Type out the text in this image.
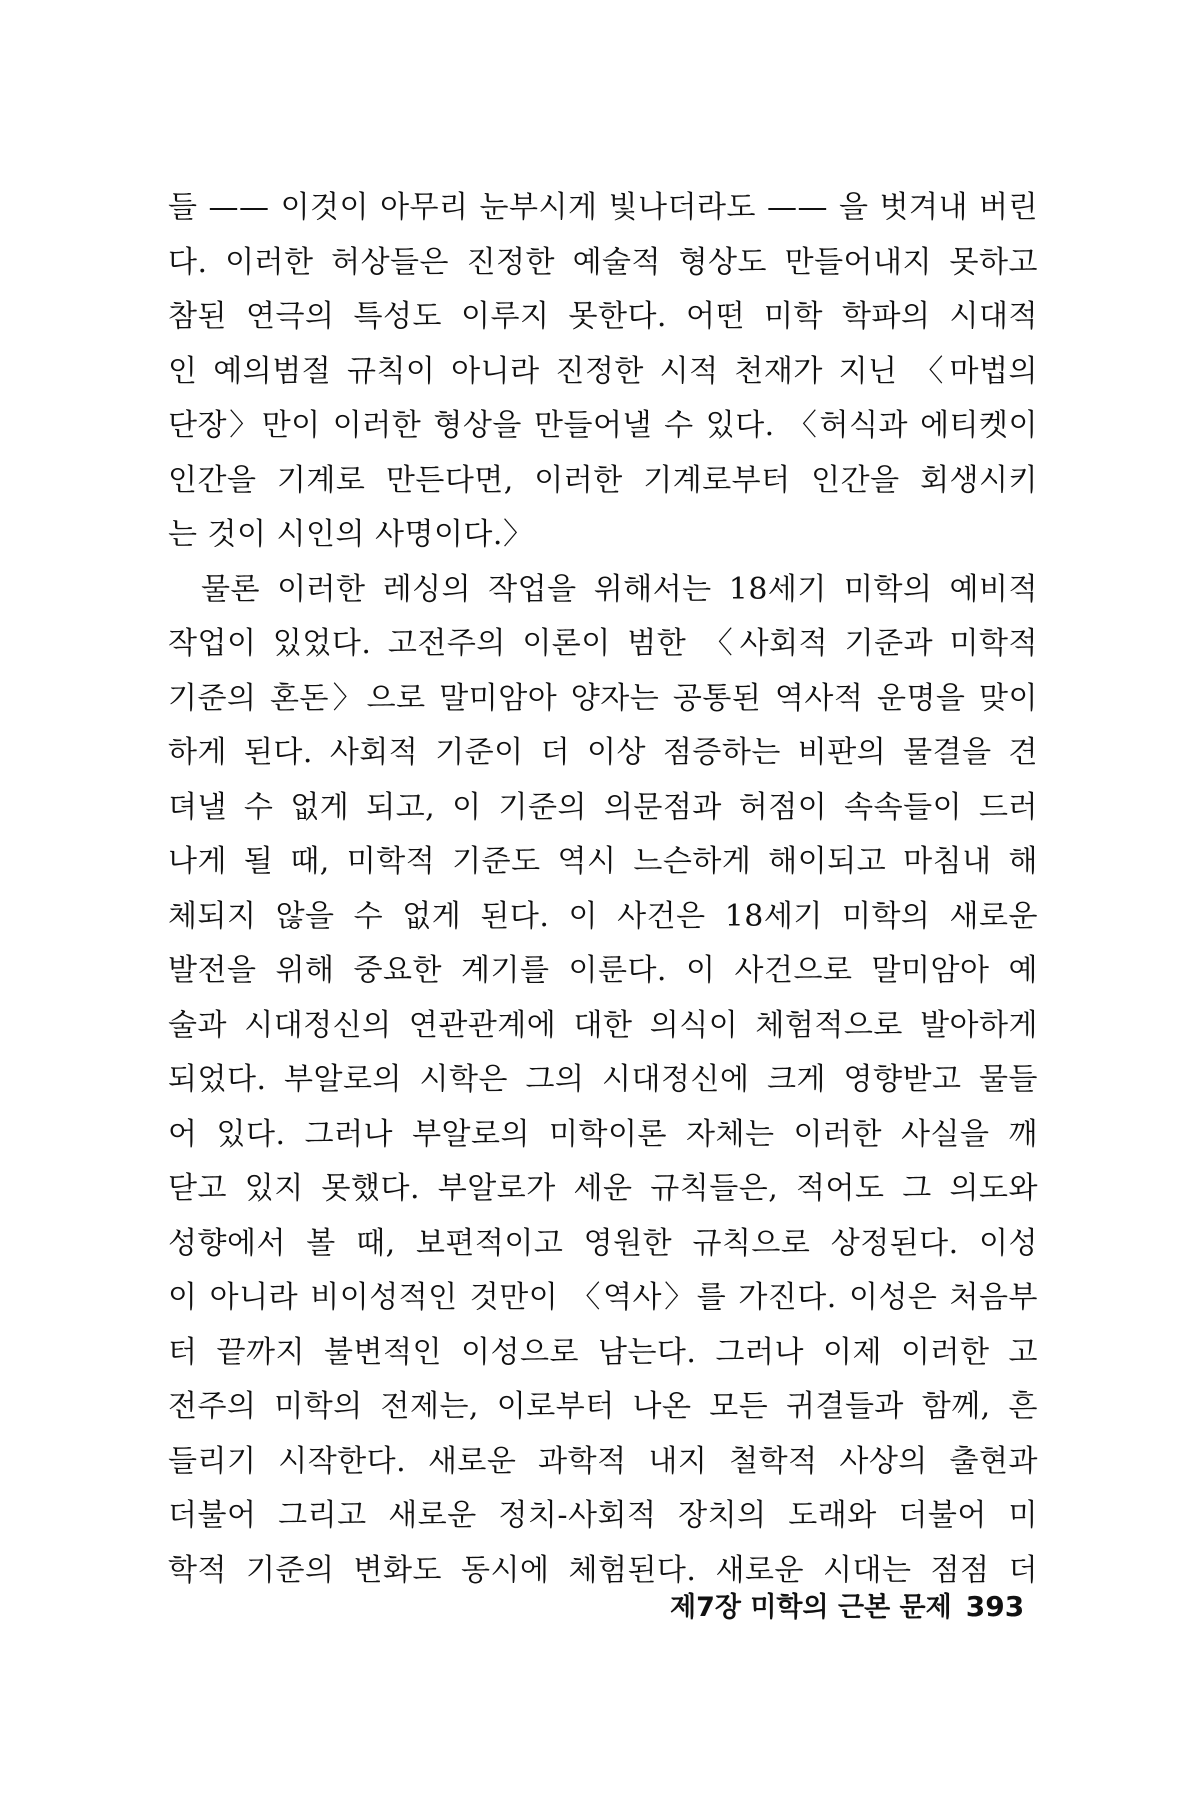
들 —— 이것이 아무리 눈부시게 빛나더라도 —— 을 벗겨내 버린
다. 이러한 허상들은 진정한 예술적 형상도 만들어내지 못하고
참된 연극의 특성도 이루지 못한다. 어떤 미학 학파의 시대적
인 예의범절 규칙이 아니라 진정한 시적 천재가 지닌 〈마법의
단장〉만이 이러한 형상을 만들어낼 수 있다. 〈허식과 에티켓이
인간을 기계로 만든다면, 이러한 기계로부터 인간을 회생시키
는 것이 시인의 사명이다.〉
물론 이러한 레싱의 작업을 위해서는 18세기 미학의 예비적
작업이 있었다. 고전주의 이론이 범한 〈사회적 기준과 미학적
기준의 혼돈〉으로 말미암아 양자는 공통된 역사적 운명을 맞이
하게 된다. 사회적 기준이 더 이상 점증하는 비판의 물결을 견
뎌낼 수 없게 되고, 이 기준의 의문점과 허점이 속속들이 드러
나게 될 때, 미학적 기준도 역시 느슨하게 해이되고 마침내 해
체되지 않을 수 없게 된다. 이 사건은 18세기 미학의 새로운
발전을 위해 중요한 계기를 이룬다. 이 사건으로 말미암아 예
술과 시대정신의 연관관계에 대한 의식이 체험적으로 발아하게
되었다. 부알로의 시학은 그의 시대정신에 크게 영향받고 물들
어 있다. 그러나 부알로의 미학이론 자체는 이러한 사실을 깨
닫고 있지 못했다. 부알로가 세운 규칙들은, 적어도 그 의도와
성향에서 볼 때, 보편적이고 영원한 규칙으로 상정된다. 이성
이 아니라 비이성적인 것만이 〈역사〉를 가진다. 이성은 처음부
터 끝까지 불변적인 이성으로 남는다. 그러나 이제 이러한 고
전주의 미학의 전제는, 이로부터 나온 모든 귀결들과 함께, 흔
들리기 시작한다. 새로운 과학적 내지 철학적 사상의 출현과
더불어 그리고 새로운 정치-사회적 장치의 도래와 더불어 미
학적 기준의 변화도 동시에 체험된다. 새로운 시대는 점점 더
제7장 미학의 근본 문제 393
